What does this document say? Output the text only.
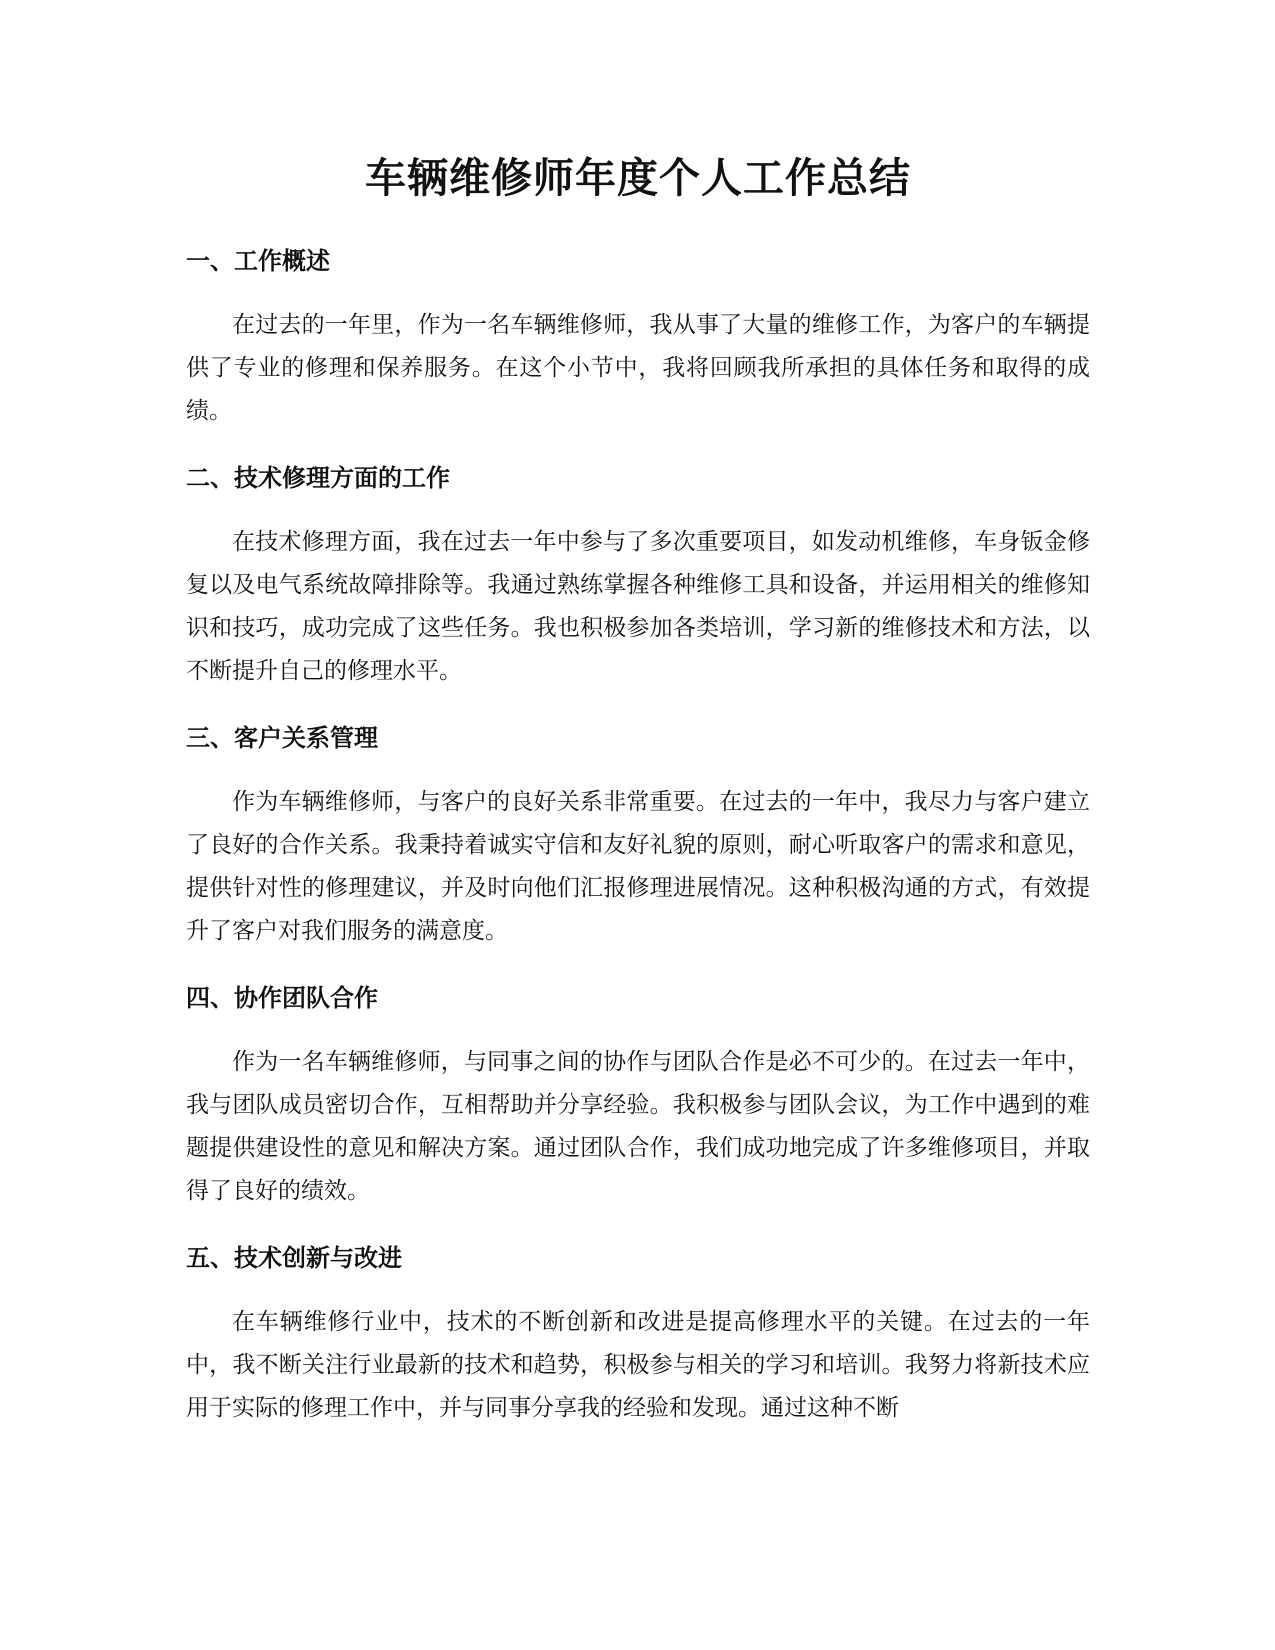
车辆维修师年度个人工作总结
一、工作概述

在过去的一年里，作为一名车辆维修师，我从事了大量的维修工作，为客户的车辆提供了专业的修理和保养服务。在这个小节中，我将回顾我所承担的具体任务和取得的成绩。

二、技术修理方面的工作

在技术修理方面，我在过去一年中参与了多次重要项目，如发动机维修，车身钣金修复以及电气系统故障排除等。我通过熟练掌握各种维修工具和设备，并运用相关的维修知识和技巧，成功完成了这些任务。我也积极参加各类培训，学习新的维修技术和方法，以不断提升自己的修理水平。

三、客户关系管理

作为车辆维修师，与客户的良好关系非常重要。在过去的一年中，我尽力与客户建立了良好的合作关系。我秉持着诚实守信和友好礼貌的原则，耐心听取客户的需求和意见，提供针对性的修理建议，并及时向他们汇报修理进展情况。这种积极沟通的方式，有效提升了客户对我们服务的满意度。

四、协作团队合作

作为一名车辆维修师，与同事之间的协作与团队合作是必不可少的。在过去一年中，我与团队成员密切合作，互相帮助并分享经验。我积极参与团队会议，为工作中遇到的难题提供建设性的意见和解决方案。通过团队合作，我们成功地完成了许多维修项目，并取得了良好的绩效。

五、技术创新与改进

在车辆维修行业中，技术的不断创新和改进是提高修理水平的关键。在过去的一年中，我不断关注行业最新的技术和趋势，积极参与相关的学习和培训。我努力将新技术应用于实际的修理工作中，并与同事分享我的经验和发现。通过这种不断
